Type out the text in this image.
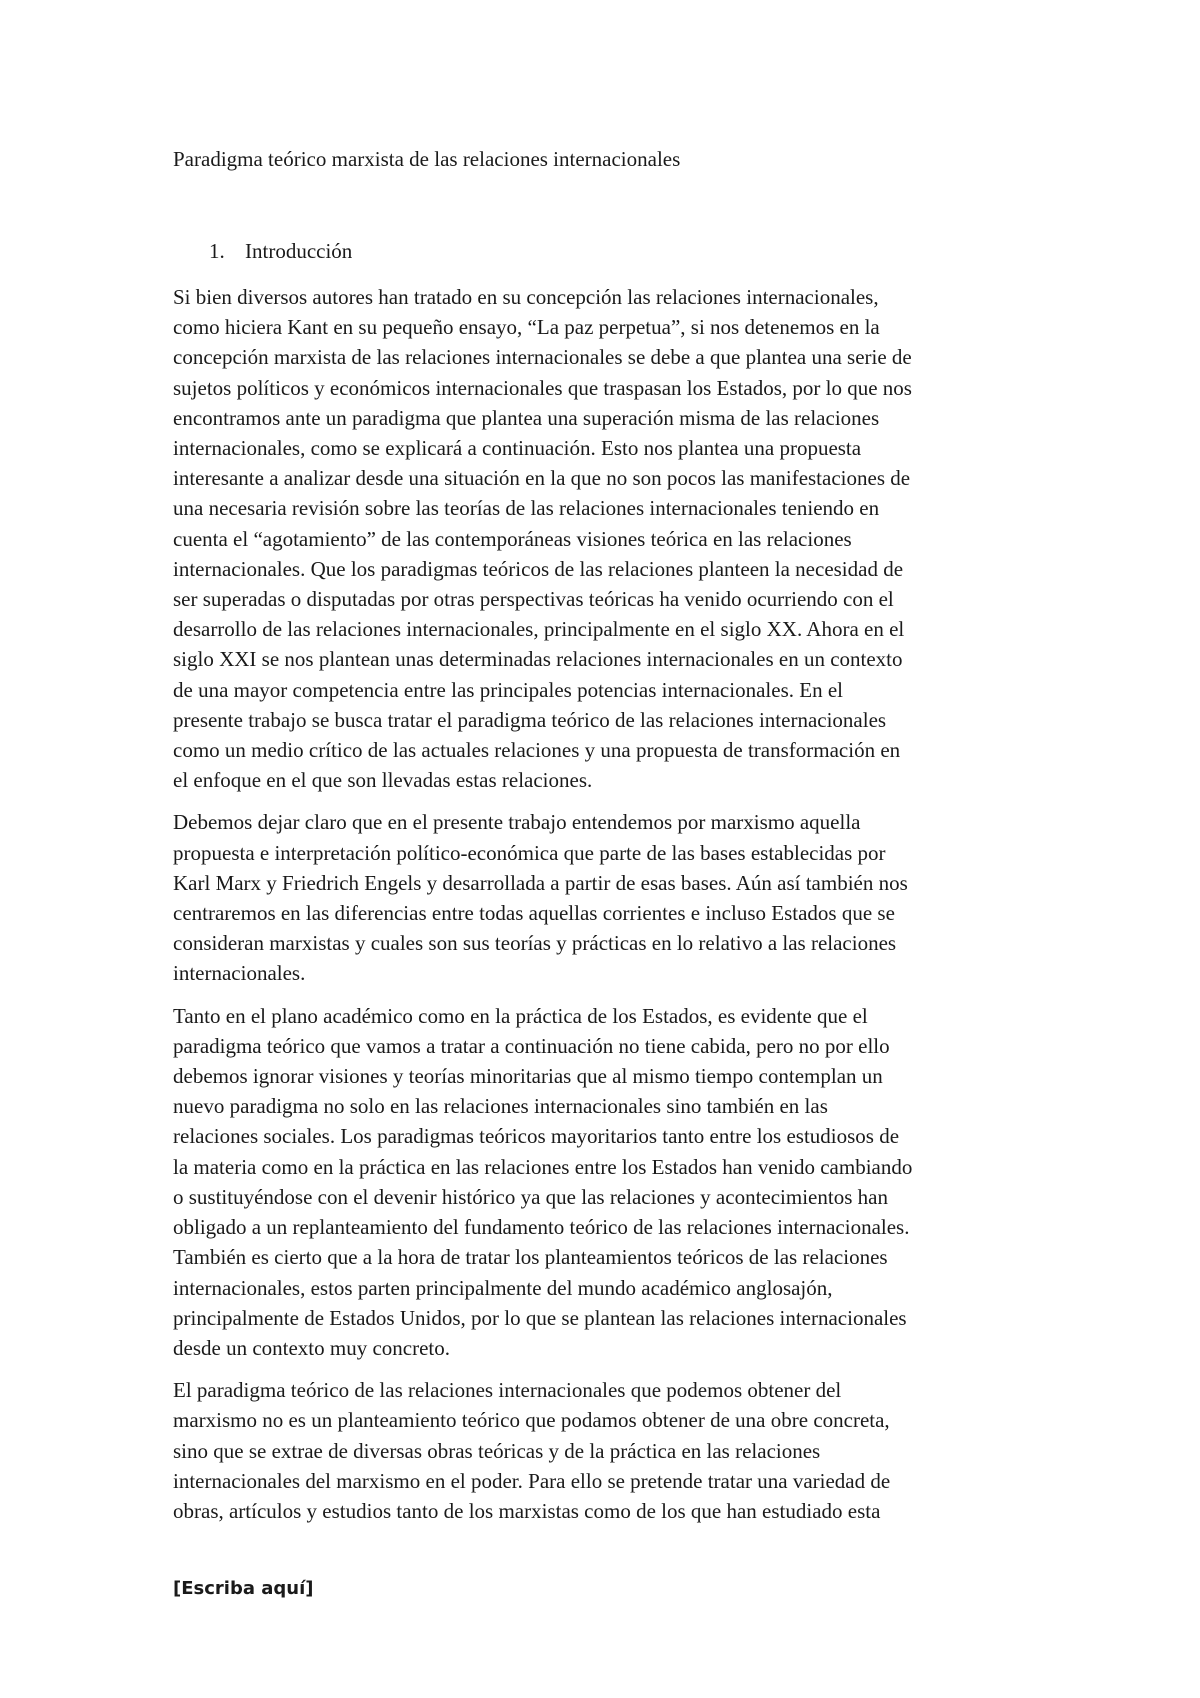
Paradigma teórico marxista de las relaciones internacionales
1. Introducción

Si bien diversos autores han tratado en su concepción las relaciones internacionales,
como hiciera Kant en su pequeño ensayo, “La paz perpetua”, si nos detenemos en la
concepción marxista de las relaciones internacionales se debe a que plantea una serie de
sujetos políticos y económicos internacionales que traspasan los Estados, por lo que nos
encontramos ante un paradigma que plantea una superación misma de las relaciones
internacionales, como se explicará a continuación. Esto nos plantea una propuesta
interesante a analizar desde una situación en la que no son pocos las manifestaciones de
una necesaria revisión sobre las teorías de las relaciones internacionales teniendo en
cuenta el “agotamiento” de las contemporáneas visiones teórica en las relaciones
internacionales. Que los paradigmas teóricos de las relaciones planteen la necesidad de
ser superadas o disputadas por otras perspectivas teóricas ha venido ocurriendo con el
desarrollo de las relaciones internacionales, principalmente en el siglo XX. Ahora en el
siglo XXI se nos plantean unas determinadas relaciones internacionales en un contexto
de una mayor competencia entre las principales potencias internacionales. En el
presente trabajo se busca tratar el paradigma teórico de las relaciones internacionales
como un medio crítico de las actuales relaciones y una propuesta de transformación en
el enfoque en el que son llevadas estas relaciones.

Debemos dejar claro que en el presente trabajo entendemos por marxismo aquella
propuesta e interpretación político-económica que parte de las bases establecidas por
Karl Marx y Friedrich Engels y desarrollada a partir de esas bases. Aún así también nos
centraremos en las diferencias entre todas aquellas corrientes e incluso Estados que se
consideran marxistas y cuales son sus teorías y prácticas en lo relativo a las relaciones
internacionales.

Tanto en el plano académico como en la práctica de los Estados, es evidente que el
paradigma teórico que vamos a tratar a continuación no tiene cabida, pero no por ello
debemos ignorar visiones y teorías minoritarias que al mismo tiempo contemplan un
nuevo paradigma no solo en las relaciones internacionales sino también en las
relaciones sociales. Los paradigmas teóricos mayoritarios tanto entre los estudiosos de
la materia como en la práctica en las relaciones entre los Estados han venido cambiando
o sustituyéndose con el devenir histórico ya que las relaciones y acontecimientos han
obligado a un replanteamiento del fundamento teórico de las relaciones internacionales.
También es cierto que a la hora de tratar los planteamientos teóricos de las relaciones
internacionales, estos parten principalmente del mundo académico anglosajón,
principalmente de Estados Unidos, por lo que se plantean las relaciones internacionales
desde un contexto muy concreto.

El paradigma teórico de las relaciones internacionales que podemos obtener del
marxismo no es un planteamiento teórico que podamos obtener de una obre concreta,
sino que se extrae de diversas obras teóricas y de la práctica en las relaciones
internacionales del marxismo en el poder. Para ello se pretende tratar una variedad de
obras, artículos y estudios tanto de los marxistas como de los que han estudiado esta

[Escriba aquí]
